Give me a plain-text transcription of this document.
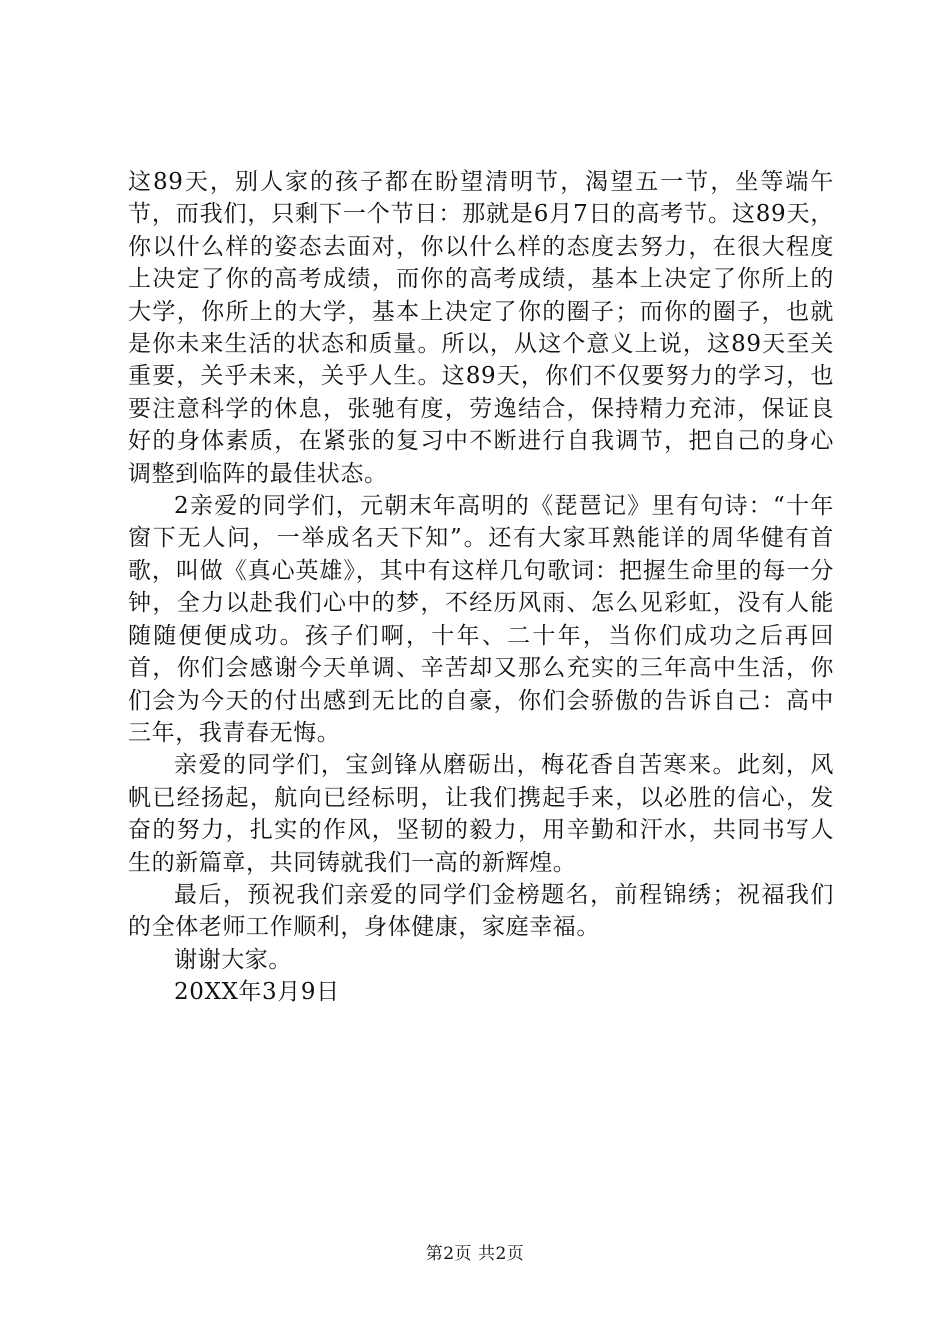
这89天，别人家的孩子都在盼望清明节，渴望五一节，坐等端午节，而我们，只剩下一个节日：那就是6月7日的高考节。这89天，你以什么样的姿态去面对，你以什么样的态度去努力，在很大程度上决定了你的高考成绩，而你的高考成绩，基本上决定了你所上的大学，你所上的大学，基本上决定了你的圈子；而你的圈子，也就是你未来生活的状态和质量。所以，从这个意义上说，这89天至关重要，关乎未来，关乎人生。这89天，你们不仅要努力的学习，也要注意科学的休息，张驰有度，劳逸结合，保持精力充沛，保证良好的身体素质，在紧张的复习中不断进行自我调节，把自己的身心调整到临阵的最佳状态。

2亲爱的同学们，元朝末年高明的《琵琶记》里有句诗：“十年窗下无人问，一举成名天下知”。还有大家耳熟能详的周华健有首歌，叫做《真心英雄》，其中有这样几句歌词：把握生命里的每一分钟，全力以赴我们心中的梦，不经历风雨、怎么见彩虹，没有人能随随便便成功。孩子们啊，十年、二十年，当你们成功之后再回首，你们会感谢今天单调、辛苦却又那么充实的三年高中生活，你们会为今天的付出感到无比的自豪，你们会骄傲的告诉自己：高中三年，我青春无悔。

亲爱的同学们，宝剑锋从磨砺出，梅花香自苦寒来。此刻，风帆已经扬起，航向已经标明，让我们携起手来，以必胜的信心，发奋的努力，扎实的作风，坚韧的毅力，用辛勤和汗水，共同书写人生的新篇章，共同铸就我们一高的新辉煌。

最后，预祝我们亲爱的同学们金榜题名，前程锦绣；祝福我们的全体老师工作顺利，身体健康，家庭幸福。

谢谢大家。

20XX年3月9日

第2页 共2页
